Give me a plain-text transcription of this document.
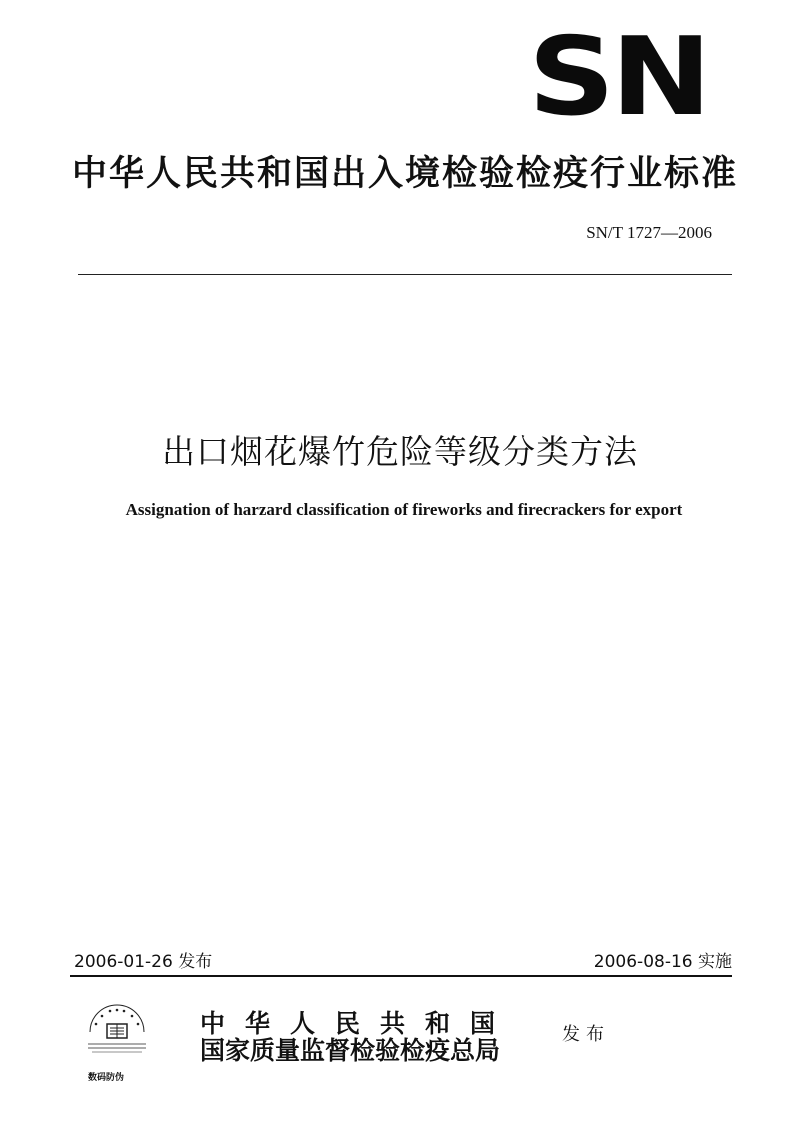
SN
中华人民共和国出入境检验检疫行业标准
SN/T 1727—2006
出口烟花爆竹危险等级分类方法
Assignation of harzard classification of fireworks and firecrackers for export
2006-01-26 发布	2006-08-16 实施
数码防伪
中华人民共和国
国家质量监督检验检疫总局
发布
